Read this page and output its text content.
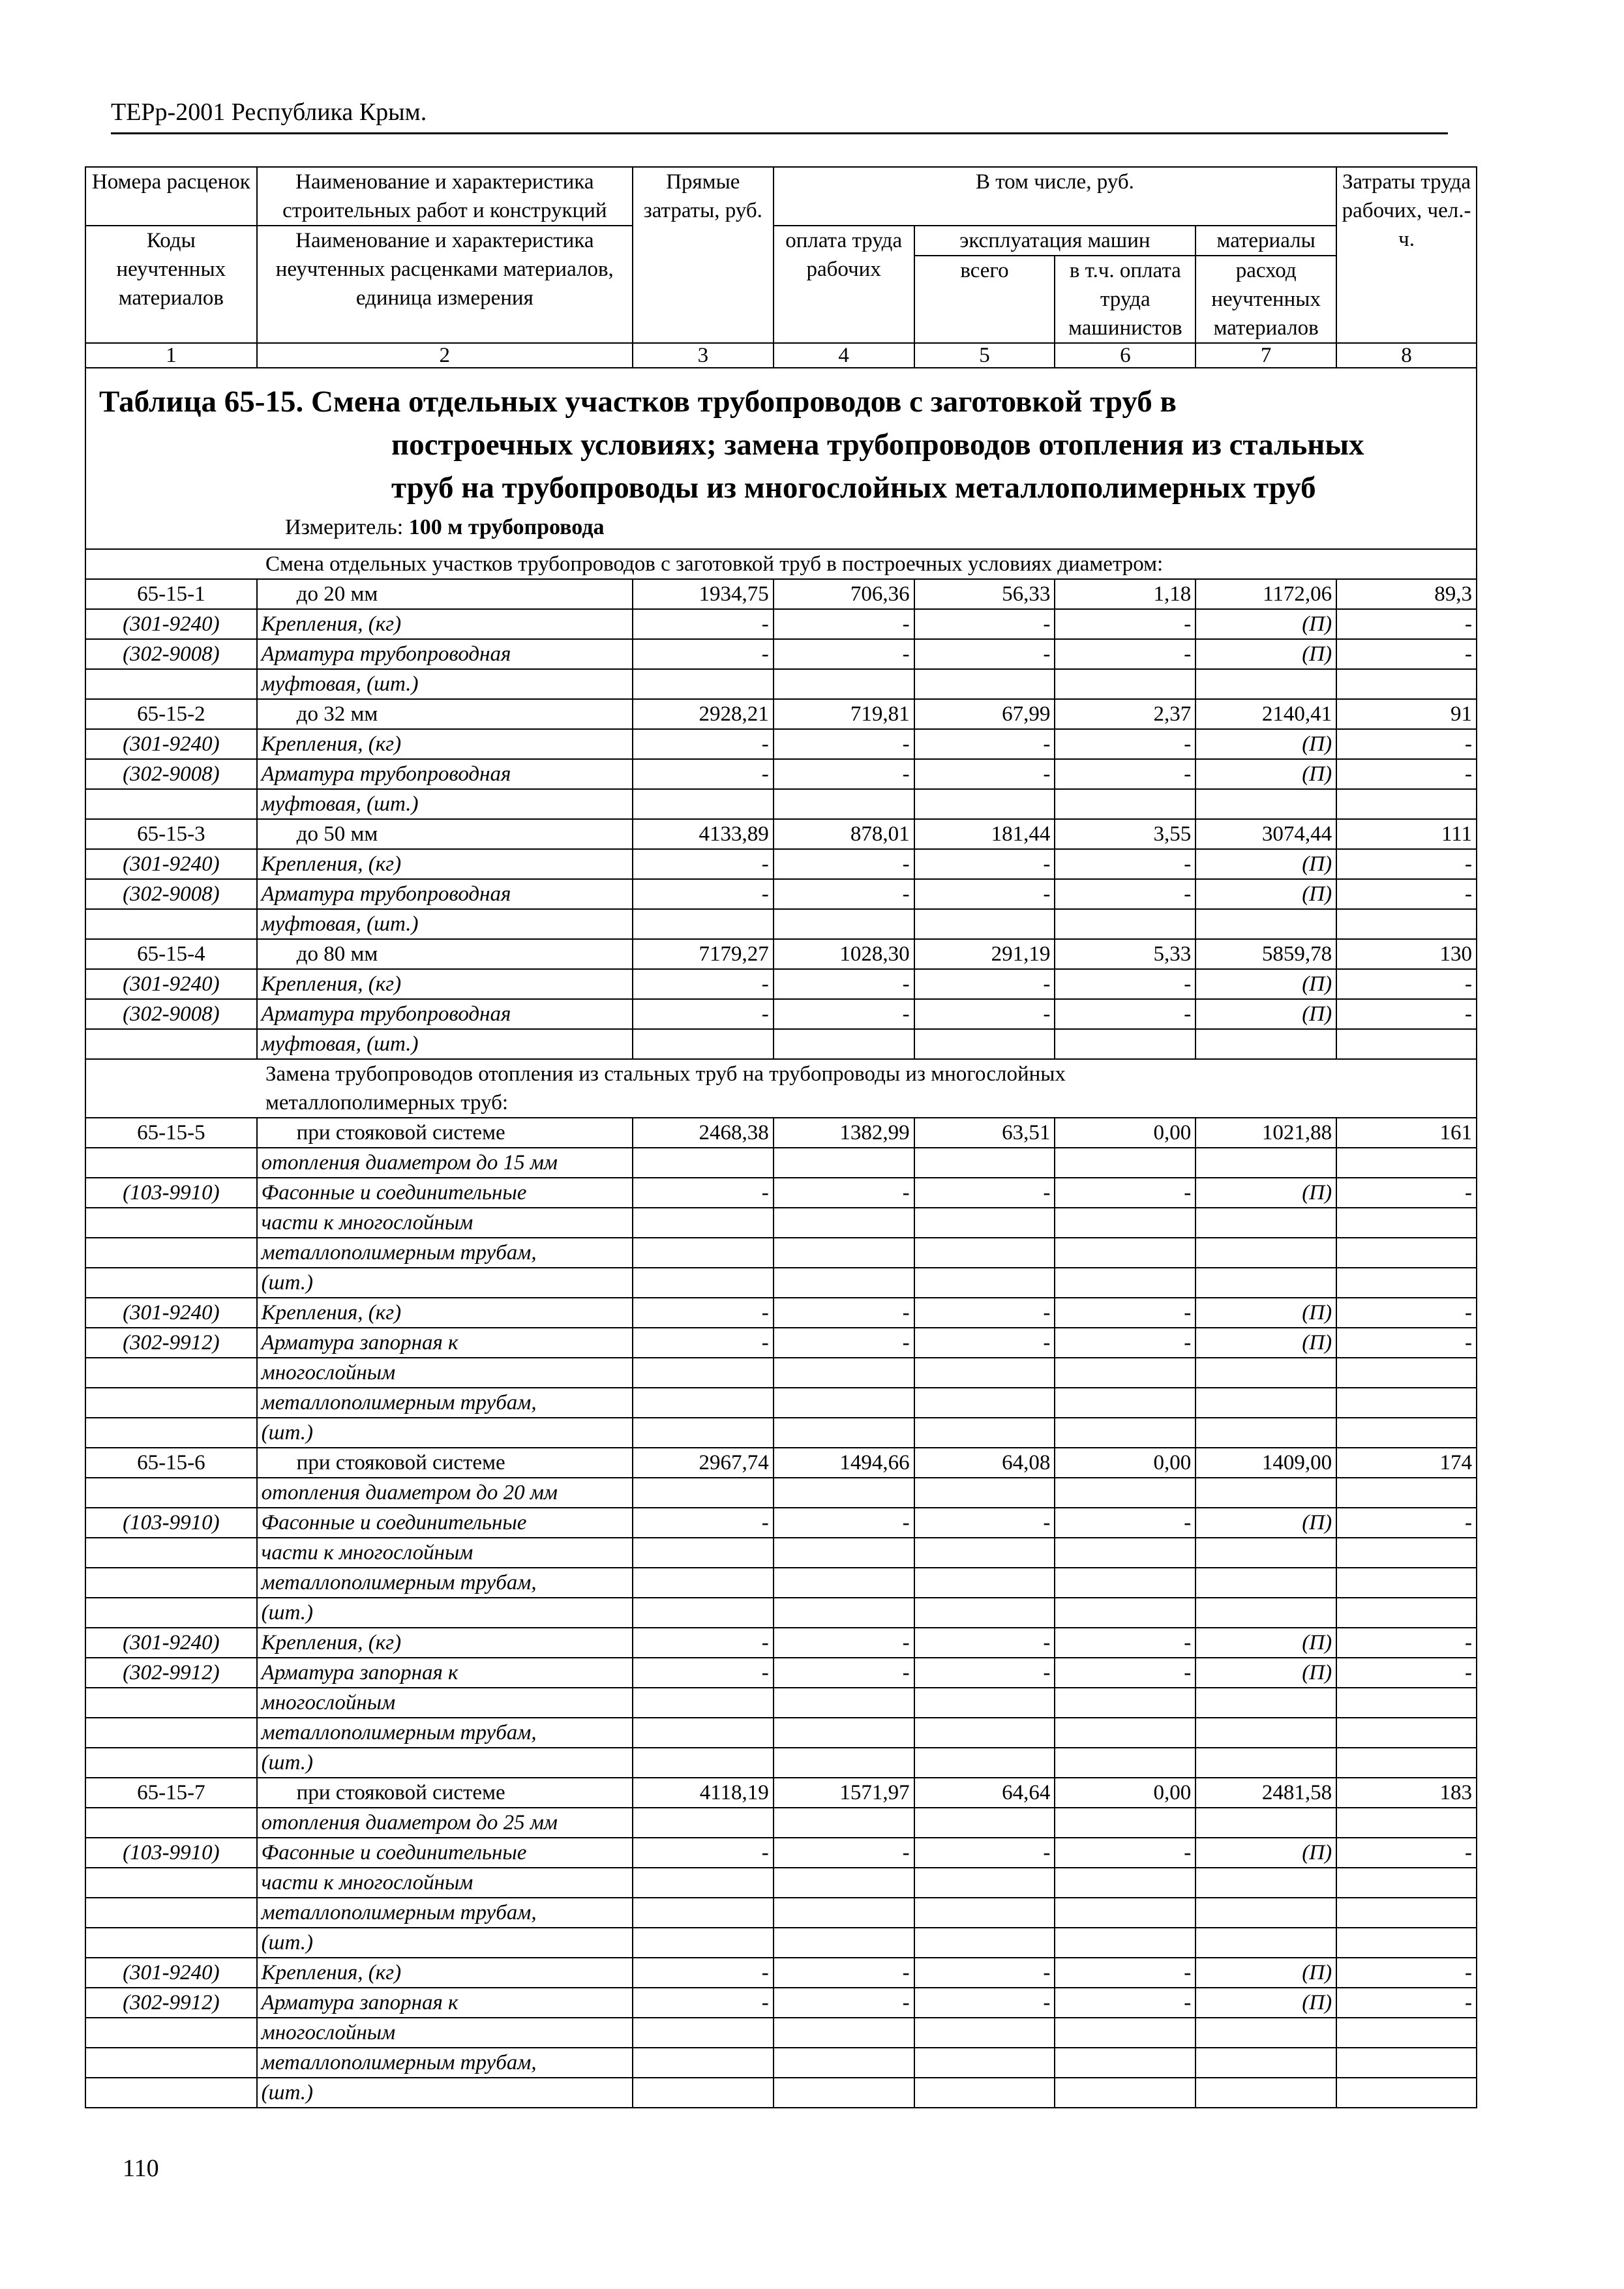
ТЕРр-2001 Республика Крым.
Номера расценок	Наименование и характеристика строительных работ и конструкций	Прямые затраты, руб.	В том числе, руб.				Затраты труда рабочих, чел.-ч.
Коды неучтенных материалов	Наименование и характеристика неучтенных расценками материалов, единица измерения		оплата труда рабочих	эксплуатация машин		материалы	
				всего	в т.ч. оплата труда машинистов	расход неучтенных материалов	

1	2	3	4	5	6	7	8

Таблица 65-15. Смена отдельных участков трубопроводов с заготовкой труб в
построечных условиях; замена трубопроводов отопления из стальных
труб на трубопроводы из многослойных металлополимерных труб
Измеритель: 100 м трубопровода							

Смена отдельных участков трубопроводов с заготовкой труб в построечных условиях диаметром:							
65-15-1	до 20 мм	1934,75	706,36	56,33	1,18	1172,06	89,3
(301-9240)	Крепления, (кг)	-	-	-	-	(П)	-
(302-9008)	Арматура трубопроводная	-	-	-	-	(П)	-
	муфтовая, (шт.)						
65-15-2	до 32 мм	2928,21	719,81	67,99	2,37	2140,41	91
(301-9240)	Крепления, (кг)	-	-	-	-	(П)	-
(302-9008)	Арматура трубопроводная	-	-	-	-	(П)	-
	муфтовая, (шт.)						
65-15-3	до 50 мм	4133,89	878,01	181,44	3,55	3074,44	111
(301-9240)	Крепления, (кг)	-	-	-	-	(П)	-
(302-9008)	Арматура трубопроводная	-	-	-	-	(П)	-
	муфтовая, (шт.)						
65-15-4	до 80 мм	7179,27	1028,30	291,19	5,33	5859,78	130
(301-9240)	Крепления, (кг)	-	-	-	-	(П)	-
(302-9008)	Арматура трубопроводная	-	-	-	-	(П)	-
	муфтовая, (шт.)						

Замена трубопроводов отопления из стальных труб на трубопроводы из многослойных
металлополимерных труб:							

65-15-5	при стояковой системе	2468,38	1382,99	63,51	0,00	1021,88	161
	отопления диаметром до 15 мм						
(103-9910)	Фасонные и соединительные	-	-	-	-	(П)	-
	части к многослойным						
	металлополимерным трубам,						
	(шт.)						
(301-9240)	Крепления, (кг)	-	-	-	-	(П)	-
(302-9912)	Арматура запорная к	-	-	-	-	(П)	-
	многослойным						
	металлополимерным трубам,						
	(шт.)						
65-15-6	при стояковой системе	2967,74	1494,66	64,08	0,00	1409,00	174
	отопления диаметром до 20 мм						
(103-9910)	Фасонные и соединительные	-	-	-	-	(П)	-
	части к многослойным						
	металлополимерным трубам,						
	(шт.)						
(301-9240)	Крепления, (кг)	-	-	-	-	(П)	-
(302-9912)	Арматура запорная к	-	-	-	-	(П)	-
	многослойным						
	металлополимерным трубам,						
	(шт.)						
65-15-7	при стояковой системе	4118,19	1571,97	64,64	0,00	2481,58	183
	отопления диаметром до 25 мм						
(103-9910)	Фасонные и соединительные	-	-	-	-	(П)	-
	части к многослойным						
	металлополимерным трубам,						
	(шт.)						
(301-9240)	Крепления, (кг)	-	-	-	-	(П)	-
(302-9912)	Арматура запорная к	-	-	-	-	(П)	-
	многослойным						
	металлополимерным трубам,						
	(шт.)						
110
